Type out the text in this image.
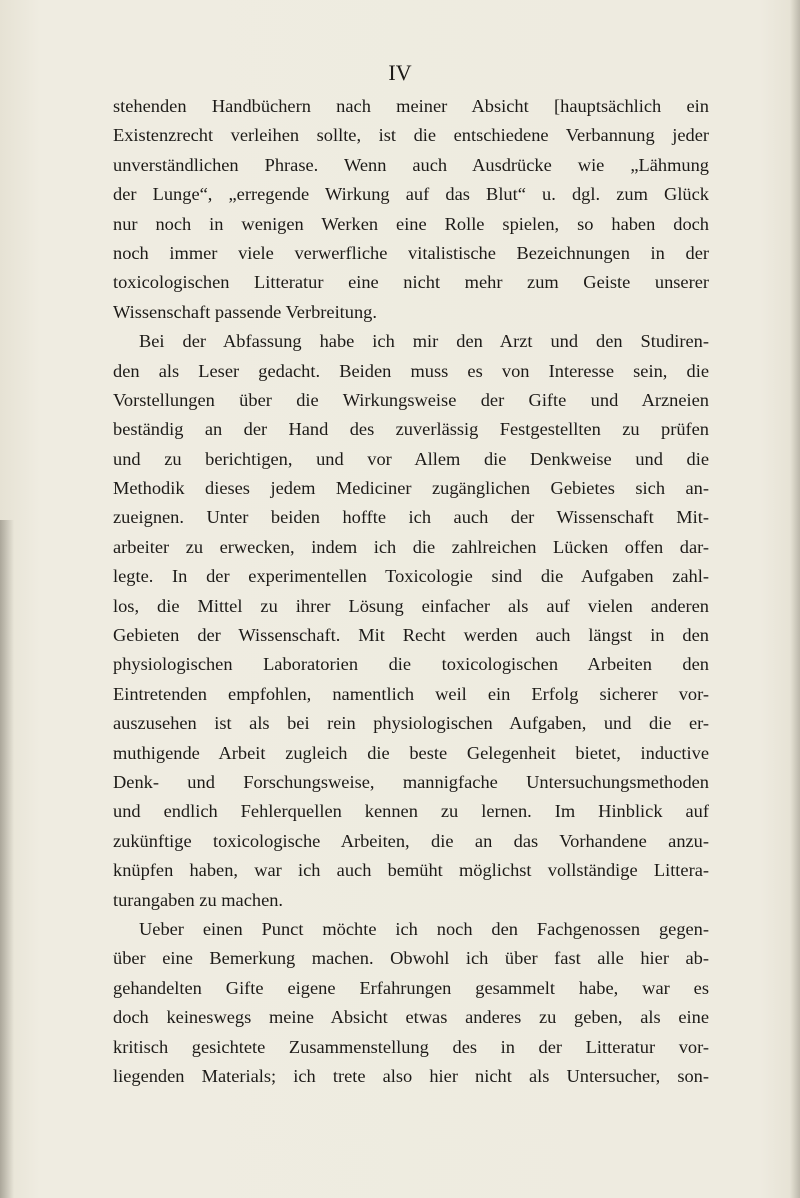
IV
stehenden Handbüchern nach meiner Absicht [hauptsächlich ein
Existenzrecht verleihen sollte, ist die entschiedene Verbannung jeder
unverständlichen Phrase. Wenn auch Ausdrücke wie „Lähmung
der Lunge“, „erregende Wirkung auf das Blut“ u. dgl. zum Glück
nur noch in wenigen Werken eine Rolle spielen, so haben doch
noch immer viele verwerfliche vitalistische Bezeichnungen in der
toxicologischen Litteratur eine nicht mehr zum Geiste unserer
Wissenschaft passende Verbreitung.
Bei der Abfassung habe ich mir den Arzt und den Studiren-
den als Leser gedacht. Beiden muss es von Interesse sein, die
Vorstellungen über die Wirkungsweise der Gifte und Arzneien
beständig an der Hand des zuverlässig Festgestellten zu prüfen
und zu berichtigen, und vor Allem die Denkweise und die
Methodik dieses jedem Mediciner zugänglichen Gebietes sich an-
zueignen. Unter beiden hoffte ich auch der Wissenschaft Mit-
arbeiter zu erwecken, indem ich die zahlreichen Lücken offen dar-
legte. In der experimentellen Toxicologie sind die Aufgaben zahl-
los, die Mittel zu ihrer Lösung einfacher als auf vielen anderen
Gebieten der Wissenschaft. Mit Recht werden auch längst in den
physiologischen Laboratorien die toxicologischen Arbeiten den
Eintretenden empfohlen, namentlich weil ein Erfolg sicherer vor-
auszusehen ist als bei rein physiologischen Aufgaben, und die er-
muthigende Arbeit zugleich die beste Gelegenheit bietet, inductive
Denk- und Forschungsweise, mannigfache Untersuchungsmethoden
und endlich Fehlerquellen kennen zu lernen. Im Hinblick auf
zukünftige toxicologische Arbeiten, die an das Vorhandene anzu-
knüpfen haben, war ich auch bemüht möglichst vollständige Littera-
turangaben zu machen.
Ueber einen Punct möchte ich noch den Fachgenossen gegen-
über eine Bemerkung machen. Obwohl ich über fast alle hier ab-
gehandelten Gifte eigene Erfahrungen gesammelt habe, war es
doch keineswegs meine Absicht etwas anderes zu geben, als eine
kritisch gesichtete Zusammenstellung des in der Litteratur vor-
liegenden Materials; ich trete also hier nicht als Untersucher, son-
